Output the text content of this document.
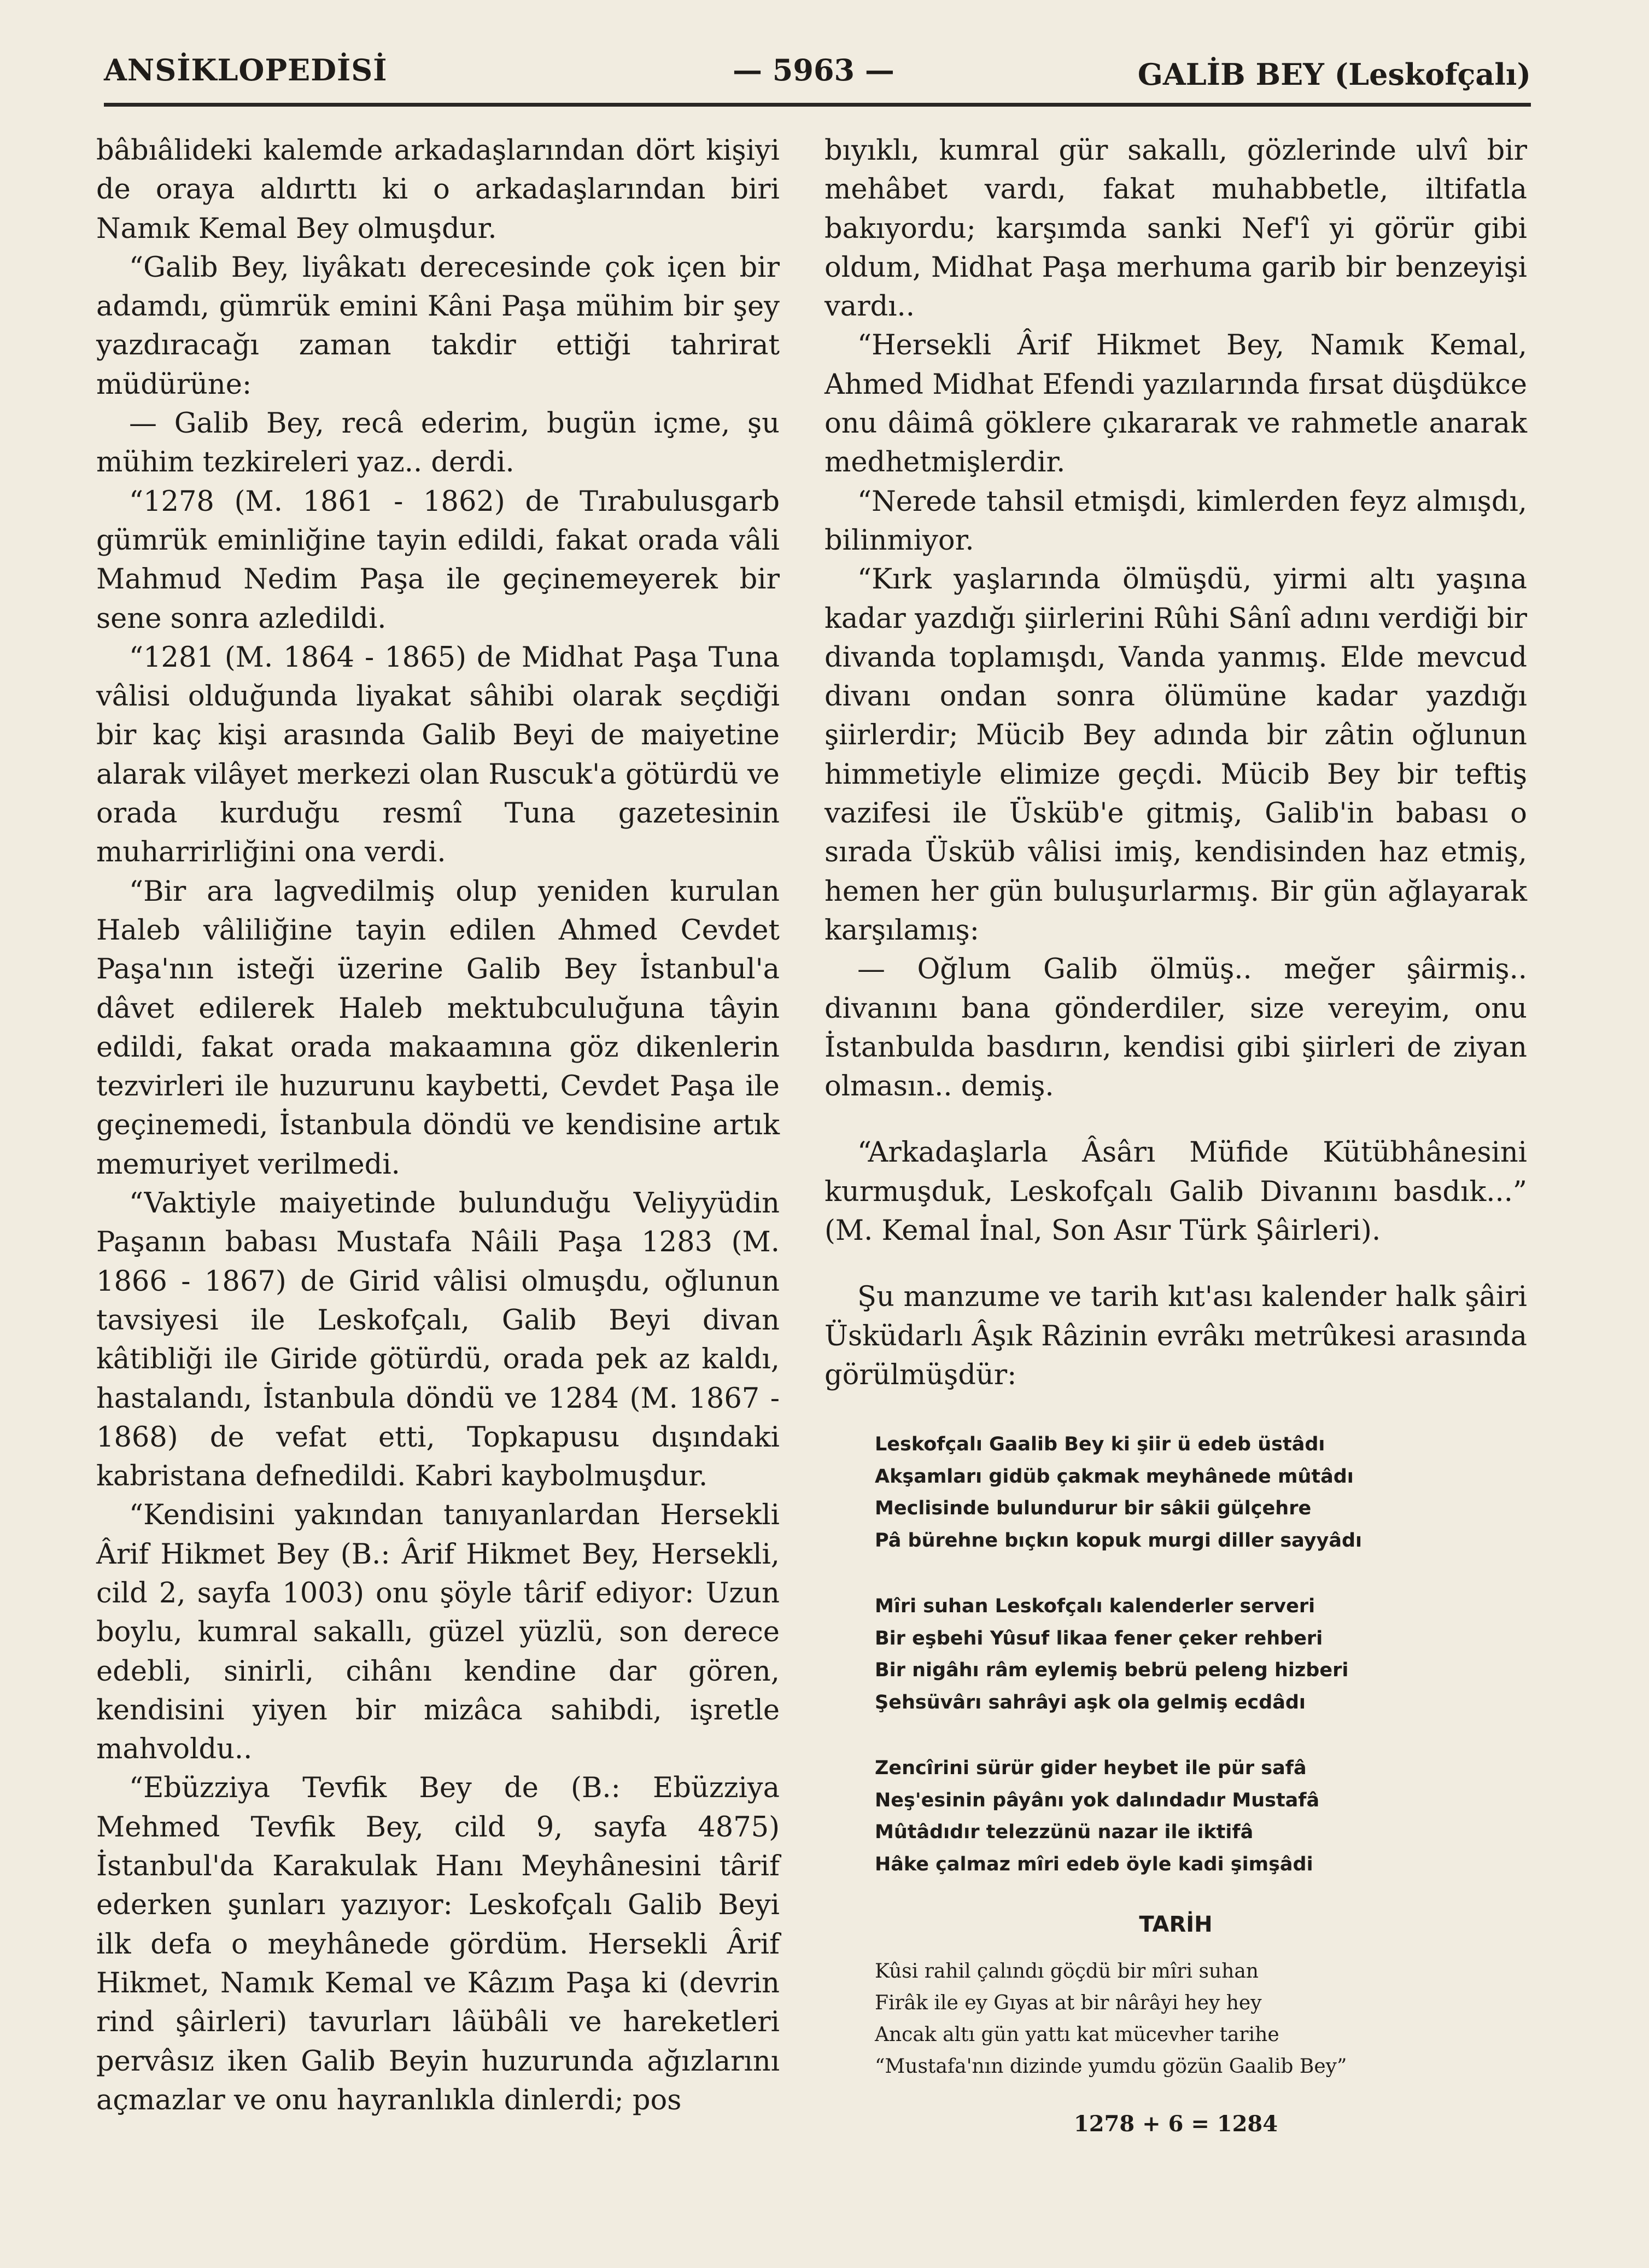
ANSİKLOPEDİSİ	— 5963 —	GALİB BEY (Leskofçalı)

bâbıâlideki kalemde arkadaşlarından dört kişiyi de oraya aldırttı ki o arkadaşlarından biri Namık Kemal Bey olmuşdur.

“Galib Bey, liyâkatı derecesinde çok içen bir adamdı, gümrük emini Kâni Paşa mühim bir şey yazdıracağı zaman takdir ettiği tahrirat müdürüne:

— Galib Bey, recâ ederim, bugün içme, şu mühim tezkireleri yaz.. derdi.

“1278 (M. 1861 - 1862) de Tırabulusgarb gümrük eminliğine tayin edildi, fakat orada vâli Mahmud Nedim Paşa ile geçinemeyerek bir sene sonra azledildi.

“1281 (M. 1864 - 1865) de Midhat Paşa Tuna vâlisi olduğunda liyakat sâhibi olarak seçdiği bir kaç kişi arasında Galib Beyi de maiyetine alarak vilâyet merkezi olan Ruscuk'a götürdü ve orada kurduğu resmî Tuna gazetesinin muharrirliğini ona verdi.

“Bir ara lagvedilmiş olup yeniden kurulan Haleb vâliliğine tayin edilen Ahmed Cevdet Paşa'nın isteği üzerine Galib Bey İstanbul'a dâvet edilerek Haleb mektubculuğuna tâyin edildi, fakat orada makaamına göz dikenlerin tezvirleri ile huzurunu kaybetti, Cevdet Paşa ile geçinemedi, İstanbula döndü ve kendisine artık memuriyet verilmedi.

“Vaktiyle maiyetinde bulunduğu Veliyyüdin Paşanın babası Mustafa Nâili Paşa 1283 (M. 1866 - 1867) de Girid vâlisi olmuşdu, oğlunun tavsiyesi ile Leskofçalı, Galib Beyi divan kâtibliği ile Giride götürdü, orada pek az kaldı, hastalandı, İstanbula döndü ve 1284 (M. 1867 - 1868) de vefat etti, Topkapusu dışındaki kabristana defnedildi. Kabri kaybolmuşdur.

“Kendisini yakından tanıyanlardan Hersekli Ârif Hikmet Bey (B.: Ârif Hikmet Bey, Hersekli, cild 2, sayfa 1003) onu şöyle târif ediyor: Uzun boylu, kumral sakallı, güzel yüzlü, son derece edebli, sinirli, cihânı kendine dar gören, kendisini yiyen bir mizâca sahibdi, işretle mahvoldu..

“Ebüzziya Tevfik Bey de (B.: Ebüzziya Mehmed Tevfik Bey, cild 9, sayfa 4875) İstanbul'da Karakulak Hanı Meyhânesini târif ederken şunları yazıyor: Leskofçalı Galib Beyi ilk defa o meyhânede gördüm. Hersekli Ârif Hikmet, Namık Kemal ve Kâzım Paşa ki (devrin rind şâirleri) tavurları lâübâli ve hareketleri pervâsız iken Galib Beyin huzurunda ağızlarını açmazlar ve onu hayranlıkla dinlerdi; pos

bıyıklı, kumral gür sakallı, gözlerinde ulvî bir mehâbet vardı, fakat muhabbetle, iltifatla bakıyordu; karşımda sanki Nef'î yi görür gibi oldum, Midhat Paşa merhuma garib bir benzeyişi vardı..

“Hersekli Ârif Hikmet Bey, Namık Kemal, Ahmed Midhat Efendi yazılarında fırsat düşdükce onu dâimâ göklere çıkararak ve rahmetle anarak medhetmişlerdir.

“Nerede tahsil etmişdi, kimlerden feyz almışdı, bilinmiyor.

“Kırk yaşlarında ölmüşdü, yirmi altı yaşına kadar yazdığı şiirlerini Rûhi Sânî adını verdiği bir divanda toplamışdı, Vanda yanmış. Elde mevcud divanı ondan sonra ölümüne kadar yazdığı şiirlerdir; Mücib Bey adında bir zâtin oğlunun himmetiyle elimize geçdi. Mücib Bey bir teftiş vazifesi ile Üsküb'e gitmiş, Galib'in babası o sırada Üsküb vâlisi imiş, kendisinden haz etmiş, hemen her gün buluşurlarmış. Bir gün ağlayarak karşılamış:

— Oğlum Galib ölmüş.. meğer şâirmiş.. divanını bana gönderdiler, size vereyim, onu İstanbulda basdırın, kendisi gibi şiirleri de ziyan olmasın.. demiş.

“Arkadaşlarla Âsârı Müfide Kütübhânesini kurmuşduk, Leskofçalı Galib Divanını basdık...” (M. Kemal İnal, Son Asır Türk Şâirleri).

Şu manzume ve tarih kıt'ası kalender halk şâiri Üsküdarlı Âşık Râzinin evrâkı metrûkesi arasında görülmüşdür:

Leskofçalı Gaalib Bey ki şiir ü edeb üstâdı
Akşamları gidüb çakmak meyhânede mûtâdı
Meclisinde bulundurur bir sâkii gülçehre
Pâ bürehne bıçkın kopuk murgi diller sayyâdı
Mîri suhan Leskofçalı kalenderler serveri
Bir eşbehi Yûsuf likaa fener çeker rehberi
Bir nigâhı râm eylemiş bebrü peleng hizberi
Şehsüvârı sahrâyi aşk ola gelmiş ecdâdı
Zencîrini sürür gider heybet ile pür safâ
Neş'esinin pâyânı yok dalındadır Mustafâ
Mûtâdıdır telezzünü nazar ile iktifâ
Hâke çalmaz mîri edeb öyle kadi şimşâdi
TARİH
Kûsi rahil çalındı göçdü bir mîri suhan
Firâk ile ey Gıyas at bir nârâyi hey hey
Ancak altı gün yattı kat mücevher tarihe
“Mustafa'nın dizinde yumdu gözün Gaalib Bey”
1278 + 6 = 1284
